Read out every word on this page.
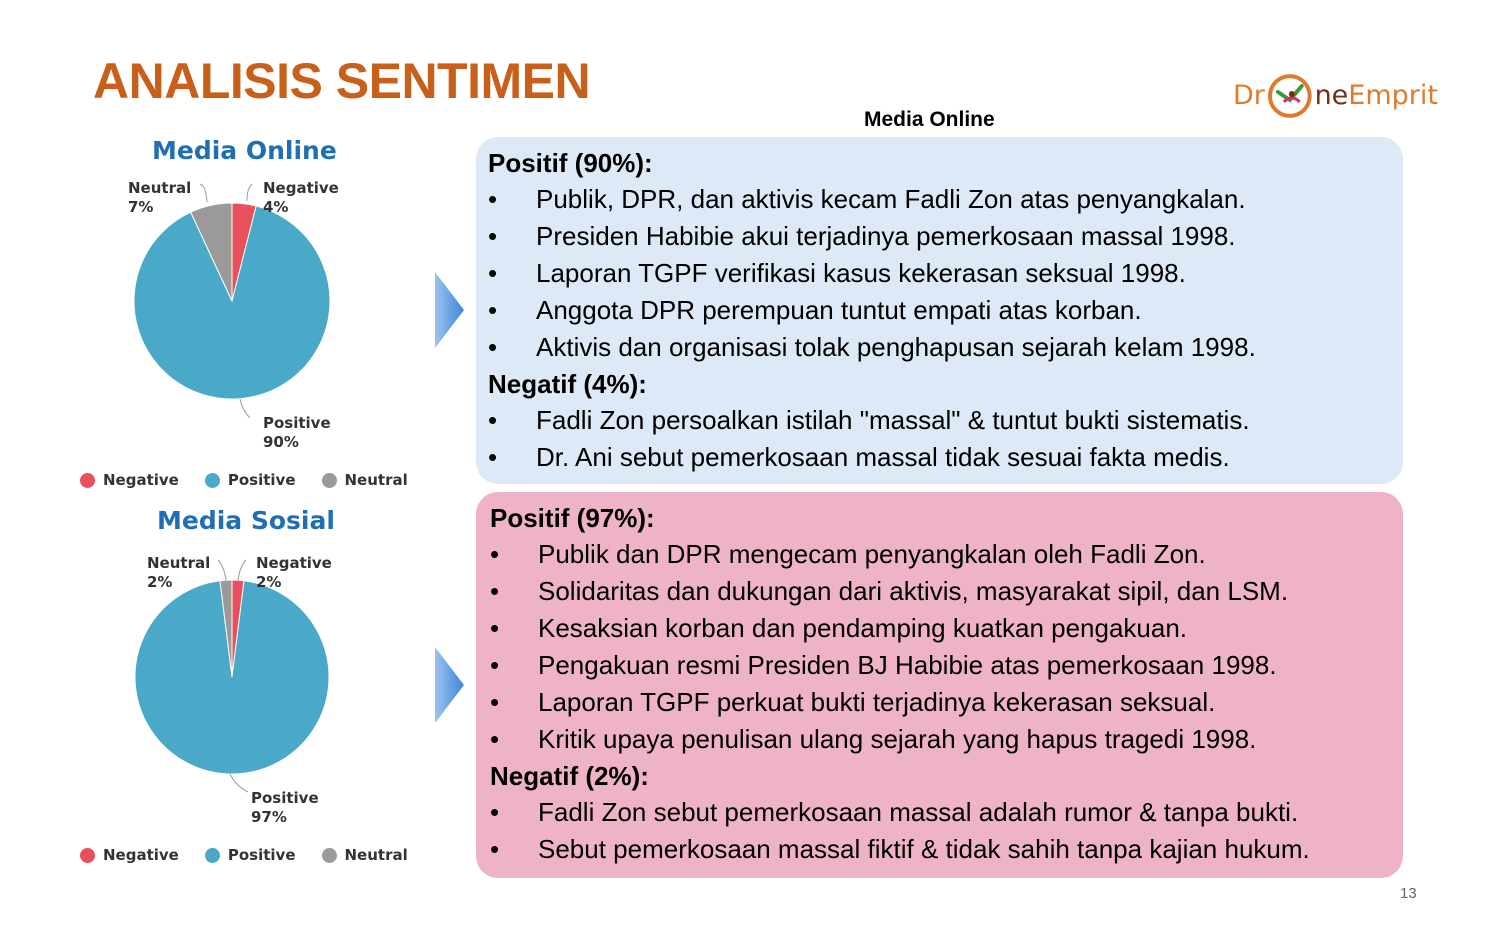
ANALISIS SENTIMEN	Dr ne Emprit
Media Online
Media Online
Neutral
7%
Negative
4%
Positive
90%
Negative	Positive	Neutral
Media Sosial
Neutral
2%
Negative
2%
Positive
97%
Negative	Positive	Neutral
Positif (90%):
• Publik, DPR, dan aktivis kecam Fadli Zon atas penyangkalan.
• Presiden Habibie akui terjadinya pemerkosaan massal 1998.
• Laporan TGPF verifikasi kasus kekerasan seksual 1998.
• Anggota DPR perempuan tuntut empati atas korban.
• Aktivis dan organisasi tolak penghapusan sejarah kelam 1998.
Negatif (4%):
• Fadli Zon persoalkan istilah "massal" & tuntut bukti sistematis.
• Dr. Ani sebut pemerkosaan massal tidak sesuai fakta medis.
Positif (97%):
• Publik dan DPR mengecam penyangkalan oleh Fadli Zon.
• Solidaritas dan dukungan dari aktivis, masyarakat sipil, dan LSM.
• Kesaksian korban dan pendamping kuatkan pengakuan.
• Pengakuan resmi Presiden BJ Habibie atas pemerkosaan 1998.
• Laporan TGPF perkuat bukti terjadinya kekerasan seksual.
• Kritik upaya penulisan ulang sejarah yang hapus tragedi 1998.
Negatif (2%):
• Fadli Zon sebut pemerkosaan massal adalah rumor & tanpa bukti.
• Sebut pemerkosaan massal fiktif & tidak sahih tanpa kajian hukum.
13
